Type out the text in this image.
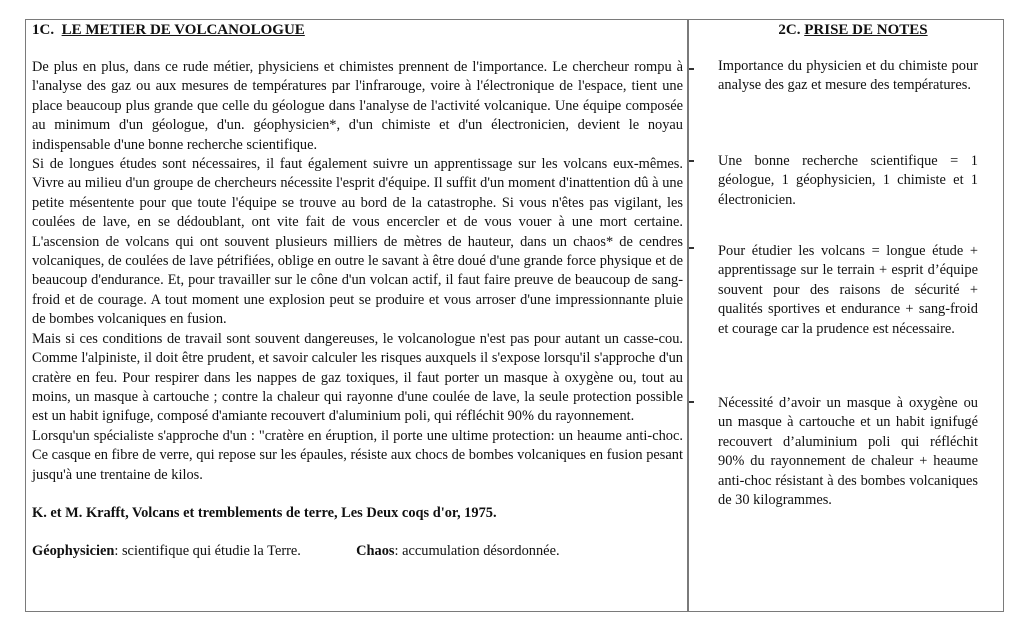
1C. LE METIER DE VOLCANOLOGUE

De plus en plus, dans ce rude métier, physiciens et chimistes prennent de l'importance. Le chercheur rompu à l'analyse des gaz ou aux mesures de températures par l'infrarouge, voire à l'électronique de l'espace, tient une place beaucoup plus grande que celle du géologue dans l'analyse de l'activité volcanique. Une équipe composée au minimum d'un géologue, d'un. géophysicien*, d'un chimiste et d'un électronicien, devient le noyau indispensable d'une bonne recherche scientifique.

Si de longues études sont nécessaires, il faut également suivre un apprentissage sur les volcans eux-mêmes. Vivre au milieu d'un groupe de chercheurs nécessite l'esprit d'équipe. Il suffit d'un moment d'inattention dû à une petite mésentente pour que toute l'équipe se trouve au bord de la catastrophe. Si vous n'êtes pas vigilant, les coulées de lave, en se dédoublant, ont vite fait de vous encercler et de vous vouer à une mort certaine. L'ascension de volcans qui ont souvent plusieurs milliers de mètres de hauteur, dans un chaos* de cendres volcaniques, de coulées de lave pétrifiées, oblige en outre le savant à être doué d'une grande force physique et de beaucoup d'endurance. Et, pour travailler sur le cône d'un volcan actif, il faut faire preuve de beaucoup de sang-froid et de courage. A tout moment une explosion peut se produire et vous arroser d'une impressionnante pluie de bombes volcaniques en fusion.

Mais si ces conditions de travail sont souvent dangereuses, le volcanologue n'est pas pour autant un casse-cou. Comme l'alpiniste, il doit être prudent, et savoir calculer les risques auxquels il s'expose lorsqu'il s'approche d'un cratère en feu. Pour respirer dans les nappes de gaz toxiques, il faut porter un masque à oxygène ou, tout au moins, un masque à cartouche ; contre la chaleur qui rayonne d'une coulée de lave, la seule protection possible est un habit ignifuge, composé d'amiante recouvert d'aluminium poli, qui réfléchit 90% du rayonnement.

Lorsqu'un spécialiste s'approche d'un : "cratère en éruption, il porte une ultime protection: un heaume anti-choc. Ce casque en fibre de verre, qui repose sur les épaules, résiste aux chocs de bombes volcaniques en fusion pesant jusqu'à une trentaine de kilos.

K. et M. Krafft, Volcans et tremblements de terre, Les Deux coqs d'or, 1975.
Géophysicien: scientifique qui étudie la Terre.	Chaos: accumulation désordonnée.
2C. PRISE DE NOTES

Importance du physicien et du chimiste pour analyse des gaz et mesure des températures.

Une bonne recherche scientifique = 1 géologue, 1 géophysicien, 1 chimiste et 1 électronicien.

Pour étudier les volcans = longue étude + apprentissage sur le terrain + esprit d’équipe souvent pour des raisons de sécurité + qualités sportives et endurance + sang-froid et courage car la prudence est nécessaire.

Nécessité d’avoir un masque à oxygène ou un masque à cartouche et un habit ignifugé recouvert d’aluminium poli qui réfléchit 90% du rayonnement de chaleur + heaume anti-choc résistant à des bombes volcaniques de 30 kilogrammes.
